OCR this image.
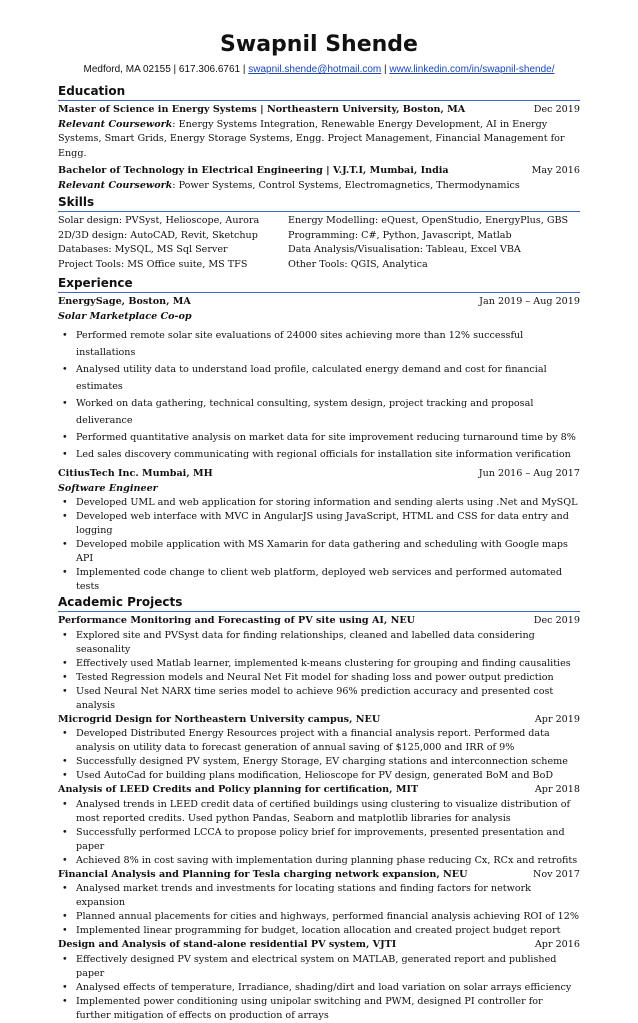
Swapnil Shende
Medford, MA 02155 | 617.306.6761 | swapnil.shende@hotmail.com | www.linkedin.com/in/swapnil-shende/
Education
Master of Science in Energy Systems | Northeastern University, Boston, MA	Dec 2019
Relevant Coursework: Energy Systems Integration, Renewable Energy Development, AI in Energy Systems, Smart Grids, Energy Storage Systems, Engg. Project Management, Financial Management for Engg.
Bachelor of Technology in Electrical Engineering | V.J.T.I, Mumbai, India	May 2016
Relevant Coursework: Power Systems, Control Systems, Electromagnetics, Thermodynamics
Skills
Solar design: PVSyst, Helioscope, Aurora	Energy Modelling: eQuest, OpenStudio, EnergyPlus, GBS
2D/3D design: AutoCAD, Revit, Sketchup	Programming: C#, Python, Javascript, Matlab
Databases: MySQL, MS Sql Server	Data Analysis/Visualisation: Tableau, Excel VBA
Project Tools: MS Office suite, MS TFS	Other Tools: QGIS, Analytica
Experience
EnergySage, Boston, MA	Jan 2019 – Aug 2019
Solar Marketplace Co-op
• Performed remote solar site evaluations of 24000 sites achieving more than 12% successful installations
• Analysed utility data to understand load profile, calculated energy demand and cost for financial estimates
• Worked on data gathering, technical consulting, system design, project tracking and proposal deliverance
• Performed quantitative analysis on market data for site improvement reducing turnaround time by 8%
• Led sales discovery communicating with regional officials for installation site information verification
CitiusTech Inc. Mumbai, MH	Jun 2016 – Aug 2017
Software Engineer
• Developed UML and web application for storing information and sending alerts using .Net and MySQL
• Developed web interface with MVC in AngularJS using JavaScript, HTML and CSS for data entry and logging
• Developed mobile application with MS Xamarin for data gathering and scheduling with Google maps API
• Implemented code change to client web platform, deployed web services and performed automated tests
Academic Projects
Performance Monitoring and Forecasting of PV site using AI, NEU	Dec 2019
• Explored site and PVSyst data for finding relationships, cleaned and labelled data considering seasonality
• Effectively used Matlab learner, implemented k-means clustering for grouping and finding causalities
• Tested Regression models and Neural Net Fit model for shading loss and power output prediction
• Used Neural Net NARX time series model to achieve 96% prediction accuracy and presented cost analysis
Microgrid Design for Northeastern University campus, NEU	Apr 2019
• Developed Distributed Energy Resources project with a financial analysis report. Performed data analysis on utility data to forecast generation of annual saving of $125,000 and IRR of 9%
• Successfully designed PV system, Energy Storage, EV charging stations and interconnection scheme
• Used AutoCad for building plans modification, Helioscope for PV design, generated BoM and BoD
Analysis of LEED Credits and Policy planning for certification, MIT	Apr 2018
• Analysed trends in LEED credit data of certified buildings using clustering to visualize distribution of most reported credits. Used python Pandas, Seaborn and matplotlib libraries for analysis
• Successfully performed LCCA to propose policy brief for improvements, presented presentation and paper
• Achieved 8% in cost saving with implementation during planning phase reducing Cx, RCx and retrofits
Financial Analysis and Planning for Tesla charging network expansion, NEU	Nov 2017
• Analysed market trends and investments for locating stations and finding factors for network expansion
• Planned annual placements for cities and highways, performed financial analysis achieving ROI of 12%
• Implemented linear programming for budget, location allocation and created project budget report
Design and Analysis of stand-alone residential PV system, VJTI	Apr 2016
• Effectively designed PV system and electrical system on MATLAB, generated report and published paper
• Analysed effects of temperature, Irradiance, shading/dirt and load variation on solar arrays efficiency
• Implemented power conditioning using unipolar switching and PWM, designed PI controller for further mitigation of effects on production of arrays
